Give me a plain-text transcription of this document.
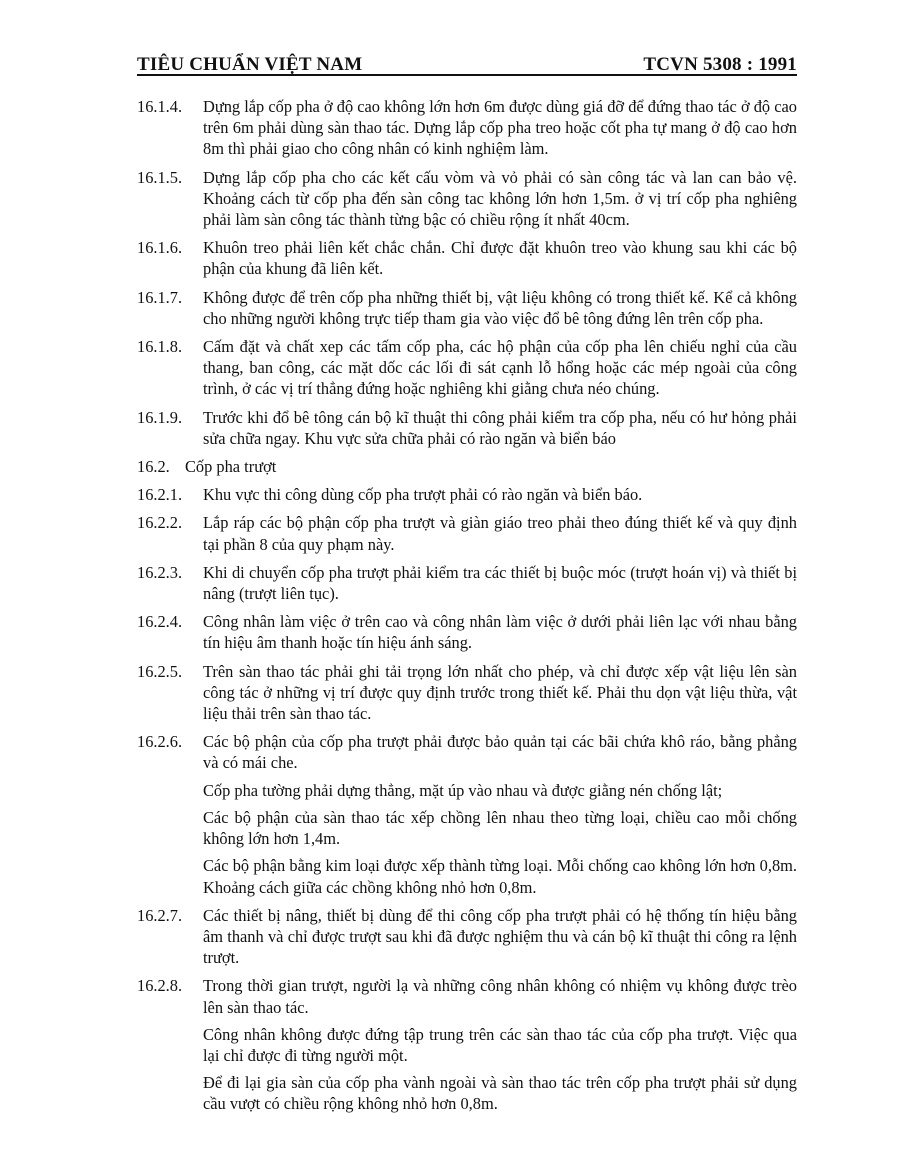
TIÊU CHUẨN VIỆT NAM	TCVN 5308 : 1991
16.1.4.	Dựng lắp cốp pha ở độ cao không lớn hơn 6m được dùng giá đỡ để đứng thao tác ở độ cao trên 6m phải dùng sàn thao tác. Dựng lắp cốp pha treo hoặc cốt pha tự mang ở độ cao hơn 8m thì phải giao cho công nhân có kinh nghiệm làm.
16.1.5.	Dựng lắp cốp pha cho các kết cấu vòm và vỏ phải có sàn công tác và lan can bảo vệ. Khoảng cách từ cốp pha đến sàn công tac không lớn hơn 1,5m. ở vị trí cốp pha nghiêng phải làm sàn công tác thành từng bậc có chiều rộng ít nhất 40cm.
16.1.6.	Khuôn treo phải liên kết chắc chắn. Chỉ được đặt khuôn treo vào khung sau khi các bộ phận của khung đã liên kết.
16.1.7.	Không được để trên cốp pha những thiết bị, vật liệu không có trong thiết kế. Kể cả không cho những người không trực tiếp tham gia vào việc đổ bê tông đứng lên trên cốp pha.
16.1.8.	Cấm đặt và chất xep các tấm cốp pha, các hộ phận của cốp pha lên chiếu nghỉ của cầu thang, ban công, các mặt dốc các lối đi sát cạnh lỗ hổng hoặc các mép ngoài của công trình, ở các vị trí thẳng đứng hoặc nghiêng khi giằng chưa néo chúng.
16.1.9.	Trước khi đổ bê tông cán bộ kĩ thuật thi công phải kiểm tra cốp pha, nếu có hư hỏng phải sửa chữa ngay. Khu vực sửa chữa phải có rào ngăn và biển báo
16.2. Cốp pha trượt
16.2.1.	Khu vực thi công dùng cốp pha trượt phải có rào ngăn và biển báo.
16.2.2.	Lắp ráp các bộ phận cốp pha trượt và giàn giáo treo phải theo đúng thiết kế và quy định tại phần 8 của quy phạm này.
16.2.3.	Khi di chuyển cốp pha trượt phải kiểm tra các thiết bị buộc móc (trượt hoán vị) và thiết bị nâng (trượt liên tục).
16.2.4.	Công nhân làm việc ở trên cao và công nhân làm việc ở dưới phải liên lạc với nhau bằng tín hiệu âm thanh hoặc tín hiệu ánh sáng.
16.2.5.	Trên sàn thao tác phải ghi tải trọng lớn nhất cho phép, và chỉ được xếp vật liệu lên sàn công tác ở những vị trí được quy định trước trong thiết kế. Phải thu dọn vật liệu thừa, vật liệu thải trên sàn thao tác.
16.2.6.	Các bộ phận của cốp pha trượt phải được bảo quản tại các bãi chứa khô ráo, bằng phẳng và có mái che.
Cốp pha tường phải dựng thẳng, mặt úp vào nhau và được giằng nén chống lật;
Các bộ phận của sàn thao tác xếp chồng lên nhau theo từng loại, chiều cao mỗi chống không lớn hơn 1,4m.
Các bộ phận bằng kim loại được xếp thành từng loại. Mỗi chống cao không lớn hơn 0,8m. Khoảng cách giữa các chồng không nhỏ hơn 0,8m.
16.2.7.	Các thiết bị nâng, thiết bị dùng để thi công cốp pha trượt phải có hệ thống tín hiệu bằng âm thanh và chỉ được trượt sau khi đã được nghiệm thu và cán bộ kĩ thuật thi công ra lệnh trượt.
16.2.8.	Trong thời gian trượt, người lạ và những công nhân không có nhiệm vụ không được trèo lên sàn thao tác.
Công nhân không được đứng tập trung trên các sàn thao tác của cốp pha trượt. Việc qua lại chỉ được đi từng người một.
Để đi lại gia sàn của cốp pha vành ngoài và sàn thao tác trên cốp pha trượt phải sử dụng cầu vượt có chiều rộng không nhỏ hơn 0,8m.
